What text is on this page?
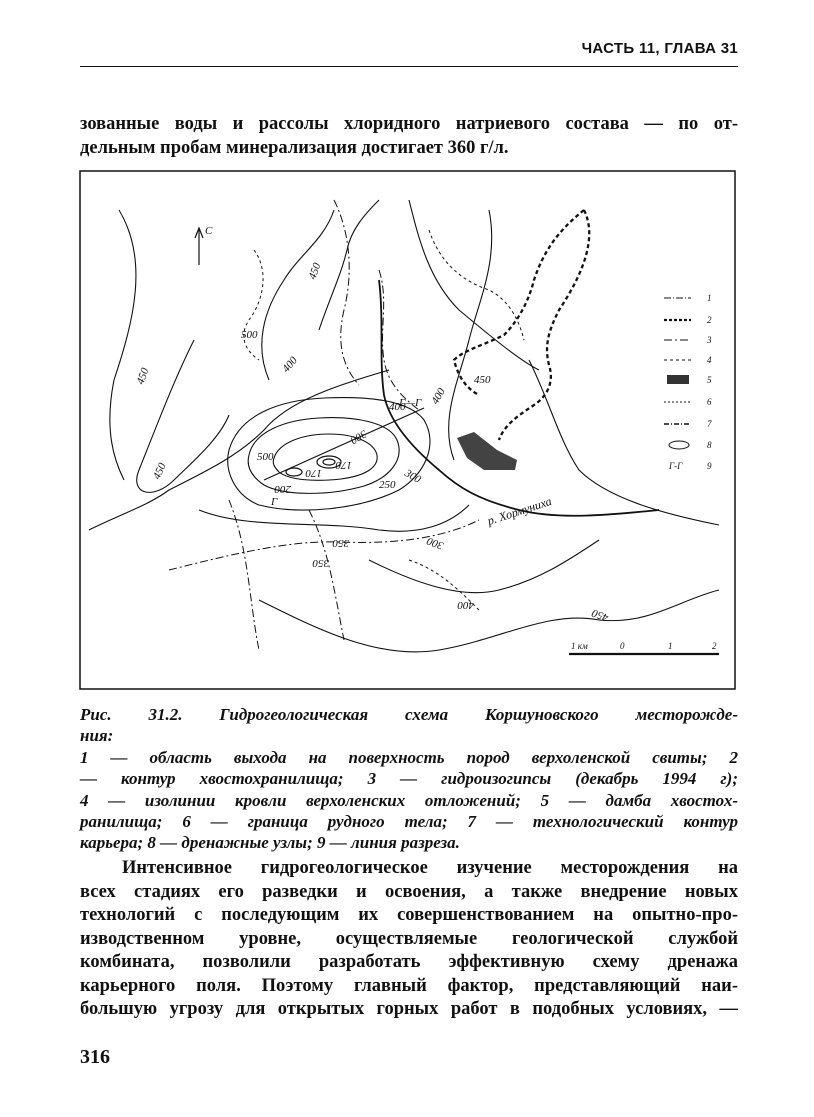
ЧАСТЬ 11, ГЛАВА 31
зованные воды и рассолы хлоридного натриевого состава — по от-
дельным пробам минерализация достигает 360 г/л.
С
450
450
500
500
400
450
400
450
300
250
170
170
200
300
350	300
350
400
400
450
Г
Г—Г
р. Хормуниха
1
2
3
4
5
6
7
8
Г-Г	9
1 км	0	1	2
Рис. 31.2. Гидрогеологическая схема Коршуновского месторожде-
ния:
1 — область выхода на поверхность пород верхоленской свиты; 2
— контур хвостохранилища; 3 — гидроизогипсы (декабрь 1994 г);
4 — изолинии кровли верхоленских отложений; 5 — дамба хвостох-
ранилища; 6 — граница рудного тела; 7 — технологический контур
карьера; 8 — дренажные узлы; 9 — линия разреза.
Интенсивное гидрогеологическое изучение месторождения на
всех стадиях его разведки и освоения, а также внедрение новых
технологий с последующим их совершенствованием на опытно-про-
изводственном уровне, осуществляемые геологической службой
комбината, позволили разработать эффективную схему дренажа
карьерного поля. Поэтому главный фактор, представляющий наи-
большую угрозу для открытых горных работ в подобных условиях, —
316
